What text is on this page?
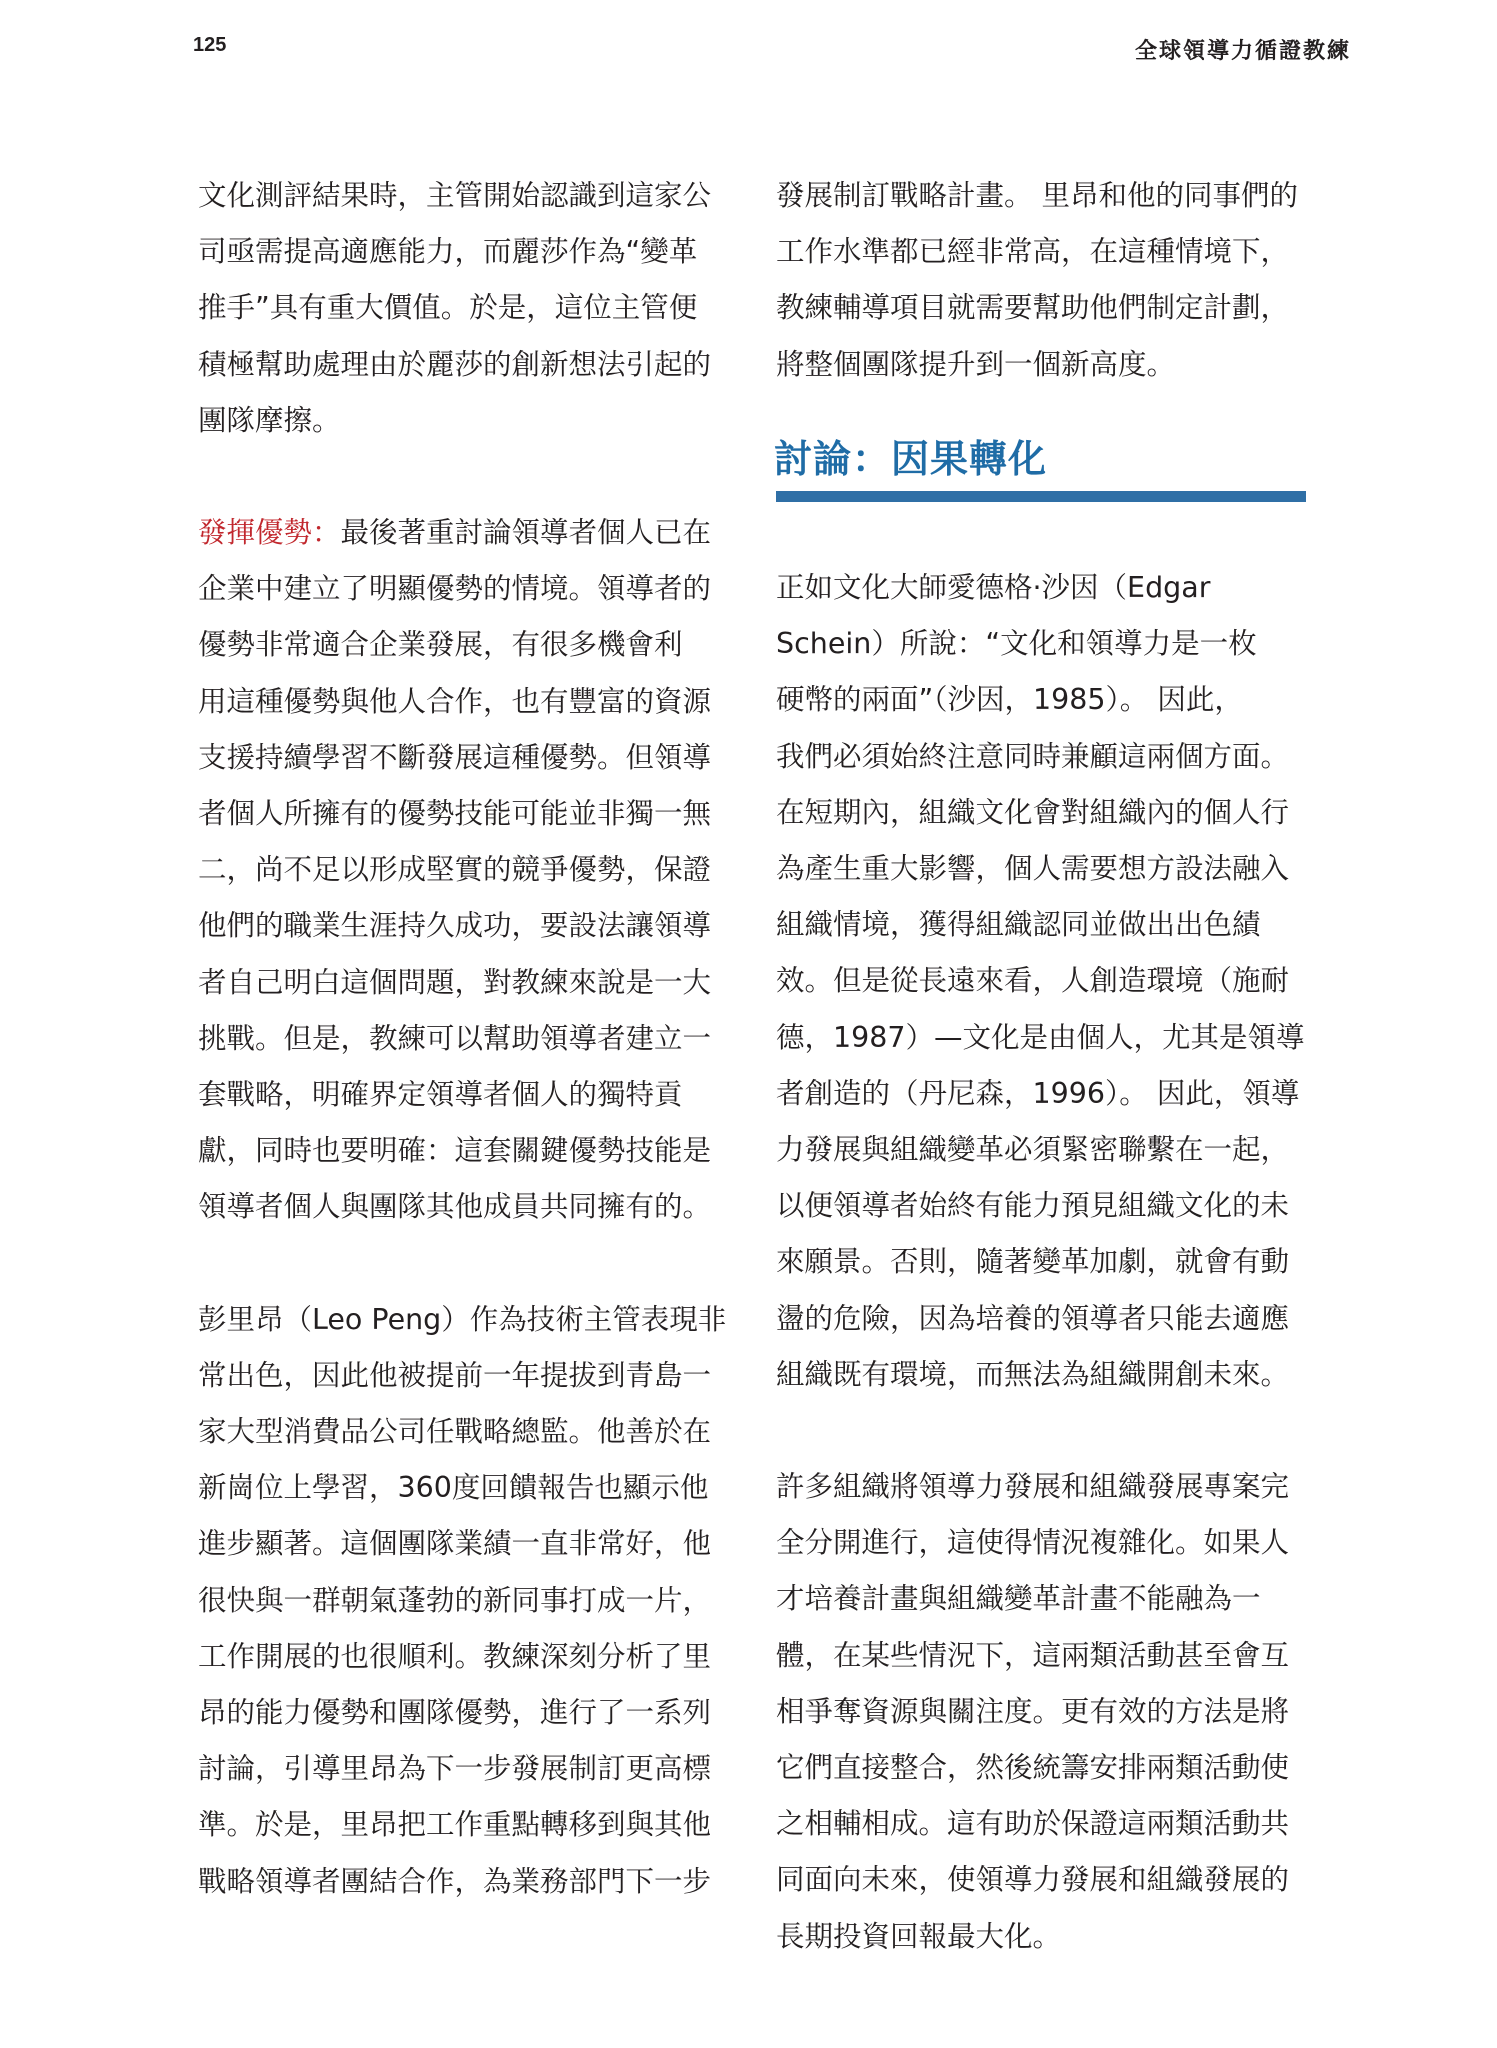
125	全球領導力循證教練
文化測評結果時，主管開始認識到這家公
司亟需提高適應能力，而麗莎作為“變革
推手”具有重大價值。於是，這位主管便
積極幫助處理由於麗莎的創新想法引起的
團隊摩擦。
發揮優勢：最後著重討論領導者個人已在
企業中建立了明顯優勢的情境。領導者的
優勢非常適合企業發展，有很多機會利
用這種優勢與他人合作，也有豐富的資源
支援持續學習不斷發展這種優勢。但領導
者個人所擁有的優勢技能可能並非獨一無
二，尚不足以形成堅實的競爭優勢，保證
他們的職業生涯持久成功，要設法讓領導
者自己明白這個問題，對教練來說是一大
挑戰。但是，教練可以幫助領導者建立一
套戰略，明確界定領導者個人的獨特貢
獻，同時也要明確：這套關鍵優勢技能是
領導者個人與團隊其他成員共同擁有的。
彭里昂（Leo Peng）作為技術主管表現非
常出色，因此他被提前一年提拔到青島一
家大型消費品公司任戰略總監。他善於在
新崗位上學習，360度回饋報告也顯示他
進步顯著。這個團隊業績一直非常好，他
很快與一群朝氣蓬勃的新同事打成一片，
工作開展的也很順利。教練深刻分析了里
昂的能力優勢和團隊優勢，進行了一系列
討論，引導里昂為下一步發展制訂更高標
準。於是，里昂把工作重點轉移到與其他
戰略領導者團結合作，為業務部門下一步
發展制訂戰略計畫。 里昂和他的同事們的
工作水準都已經非常高，在這種情境下，
教練輔導項目就需要幫助他們制定計劃，
將整個團隊提升到一個新高度。
討論：因果轉化
正如文化大師愛德格·沙因（Edgar
Schein）所說：“文化和領導力是一枚
硬幣的兩面”（沙因，1985）。 因此，
我們必須始終注意同時兼顧這兩個方面。
在短期內，組織文化會對組織內的個人行
為產生重大影響，個人需要想方設法融入
組織情境，獲得組織認同並做出出色績
效。但是從長遠來看，人創造環境（施耐
德，1987）—文化是由個人，尤其是領導
者創造的（丹尼森，1996）。 因此，領導
力發展與組織變革必須緊密聯繫在一起，
以便領導者始終有能力預見組織文化的未
來願景。否則，隨著變革加劇，就會有動
盪的危險，因為培養的領導者只能去適應
組織既有環境，而無法為組織開創未來。
許多組織將領導力發展和組織發展專案完
全分開進行，這使得情況複雜化。如果人
才培養計畫與組織變革計畫不能融為一
體，在某些情況下，這兩類活動甚至會互
相爭奪資源與關注度。更有效的方法是將
它們直接整合，然後統籌安排兩類活動使
之相輔相成。這有助於保證這兩類活動共
同面向未來，使領導力發展和組織發展的
長期投資回報最大化。
